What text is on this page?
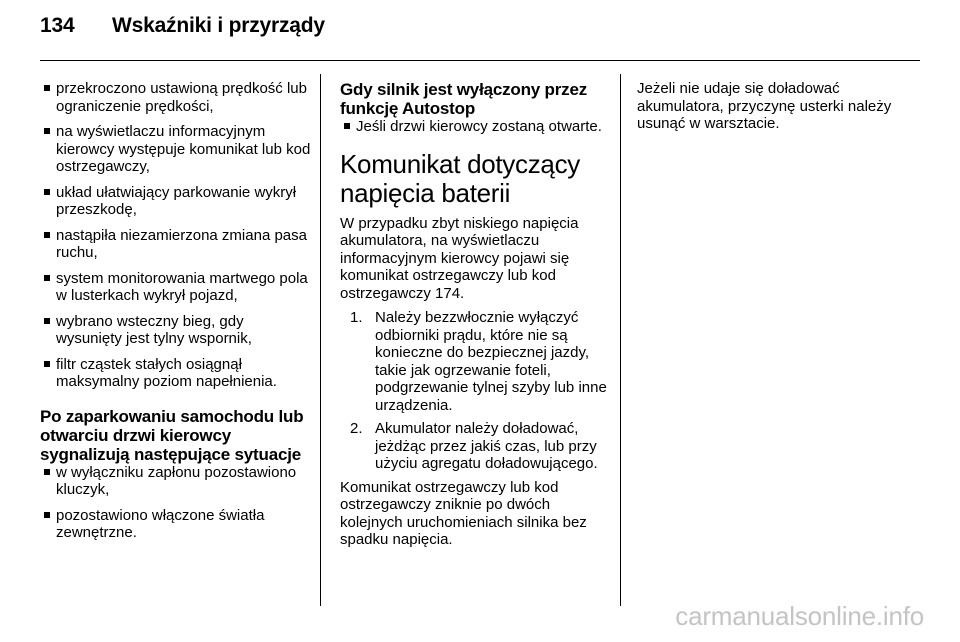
134 Wskaźniki i przyrządy
przekroczono ustawioną prędkość lub ograniczenie prędkości,
na wyświetlaczu informacyjnym kierowcy występuje komunikat lub kod ostrzegawczy,
układ ułatwiający parkowanie wykrył przeszkodę,
nastąpiła niezamierzona zmiana pasa ruchu,
system monitorowania martwego pola w lusterkach wykrył pojazd,
wybrano wsteczny bieg, gdy wysunięty jest tylny wspornik,
filtr cząstek stałych osiągnął maksymalny poziom napełnienia.
Po zaparkowaniu samochodu lub otwarciu drzwi kierowcy sygnalizują następujące sytuacje
w wyłączniku zapłonu pozostawiono kluczyk,
pozostawiono włączone światła zewnętrzne.
Gdy silnik jest wyłączony przez funkcję Autostop
Jeśli drzwi kierowcy zostaną otwarte.
Komunikat dotyczący napięcia baterii

W przypadku zbyt niskiego napięcia akumulatora, na wyświetlaczu informacyjnym kierowcy pojawi się komunikat ostrzegawczy lub kod ostrzegawczy 174.

1. Należy bezzwłocznie wyłączyć odbiorniki prądu, które nie są konieczne do bezpiecznej jazdy, takie jak ogrzewanie foteli, podgrzewanie tylnej szyby lub inne urządzenia.
2. Akumulator należy doładować, jeżdżąc przez jakiś czas, lub przy użyciu agregatu doładowującego.

Komunikat ostrzegawczy lub kod ostrzegawczy zniknie po dwóch kolejnych uruchomieniach silnika bez spadku napięcia.

Jeżeli nie udaje się doładować akumulatora, przyczynę usterki należy usunąć w warsztacie.

carmanualsonline.info
